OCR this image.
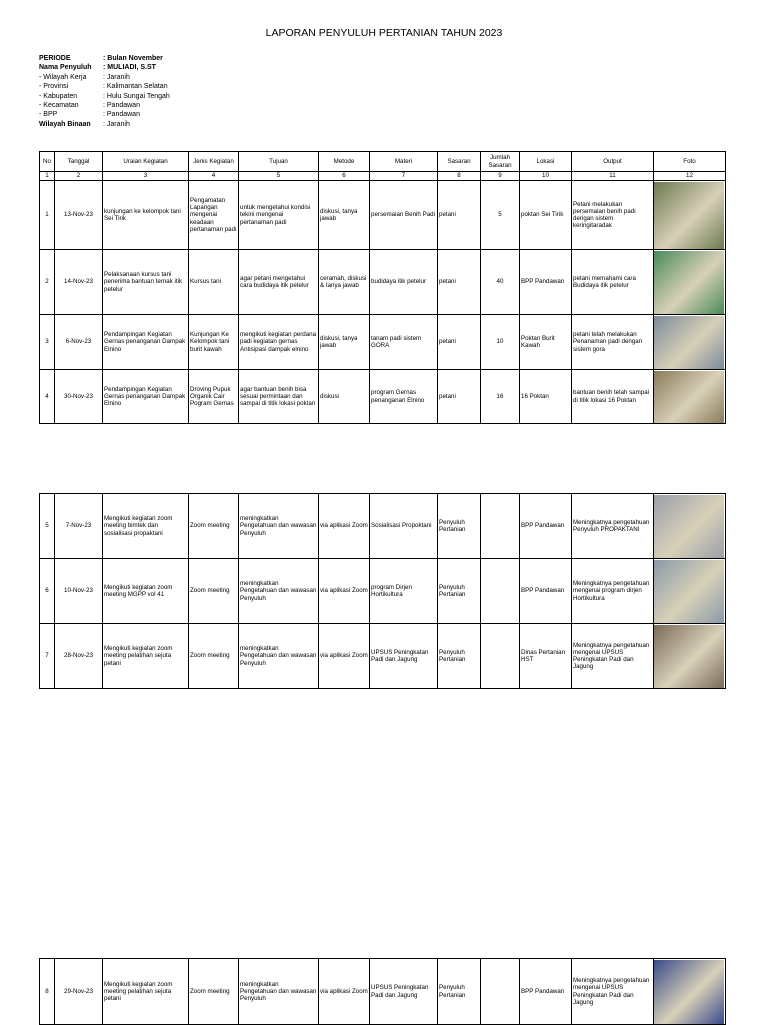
LAPORAN PENYULUH PERTANIAN TAHUN 2023
PERIODE	: Bulan November
Nama Penyuluh	: MULIADI, S.ST
- Wilayah Kerja	: Jaranih
- Provinsi	: Kalimantan Selatan
- Kabupaten	: Hulu Sungai Tengah
- Kecamatan	: Pandawan
- BPP	: Pandawan
Wilayah Binaan	: Jaranih
No	Tanggal	Uraian Kegiatan	Jenis Kegiatan	Tujuan	Metode	Materi	Sasaran	Jumlah Sasaran	Lokasi	Output	Foto
1	2	3	4	5	6	7	8	9	10	11	12
1	13-Nov-23	kunjungan ke kelompok tani Sei Tirik	Pengamatan Lapangan mengenai keadaan pertanaman padi	untuk mengetahui kondisi tekini mengenai pertanaman padi	diskusi, tanya jawab	persemaian Benih Padi	petani	5	poktan Sei Tirik	Petani melakukan persemaian benih padi dengan sistem keringitaradak	

2	14-Nov-23	Pelaksanaan kursus tani penerima bantuan ternak itik petelur	Kursus tani	agar petani mengetahui cara budidaya itik petelur	ceramah, diskusi & tanya jawab	budidaya itik petelur	petani	40	BPP Pandawan	petani memahami cara Budidaya itik petelur	

3	6-Nov-23	Pendampingan Kegiatan Gernas penanganan Dampak Elnino	Kunjungan Ke Kelompok tani burit kawah	mengikuti kegiatan perdana padi kegiatan gernas Antisipasi dampak elnino	diskusi, tanya jawab	tanam padi sistem GORA	petani	10	Poktan Burit Kawah	petani telah melakukan Penanaman padi dengan sistem gora	

4	30-Nov-23	Pendampingan Kegiatan Gernas penanganan Dampak Elnino	Droving Pupuk Organik Cair Pogram Gernas	agar bantuan benih bisa sesuai permintaan dan sampai di titik lokasi poktan	diskusi	program Gernas penanganan Elnino	petani	16	16 Poktan	bantuan benih telah sampai di titik lokasi 16 Poktan	
5	7-Nov-23	Mengikuti kegiatan zoom meeting bimtek dan sosialisasi propaktani	Zoom meeting	meningkatkan Pengetahuan dan wawasan Penyuluh	via aplikasi Zoom	Sosialisasi Propoktani	Penyuluh Pertanian		BPP Pandawan	Meningkatnya pengetahuan Penyuluh PROPAKTANI	

6	10-Nov-23	Mengikuti kegiatan zoom meeting MGPP vol 41	Zoom meeting	meningkatkan Pengetahuan dan wawasan Penyuluh	via aplikasi Zoom	program Dirjen Hortikultura	Penyuluh Pertanian		BPP Pandawan	Meningkatnya pengetahuan mengenai program dirjen Hortikultura	

7	28-Nov-23	Mengikuti kegiatan zoom meeting pelatihan sejuta petani	Zoom meeting	meningkatkan Pengetahuan dan wawasan Penyuluh	via aplikasi Zoom	UPSUS Peningkatan Padi dan Jagung	Penyuluh Pertanian		Dinas Pertanian HST	Meningkatnya pengetahuan mengenai UPSUS Peningkatan Padi dan Jagung	
8	29-Nov-23	Mengikuti kegiatan zoom meeting pelatihan sejuta petani	Zoom meeting	meningkatkan Pengetahuan dan wawasan Penyuluh	via aplikasi Zoom	UPSUS Peningkatan Padi dan Jagung	Penyuluh Pertanian		BPP Pandawan	Meningkatnya pengetahuan mengenai UPSUS Peningkatan Padi dan Jagung	
